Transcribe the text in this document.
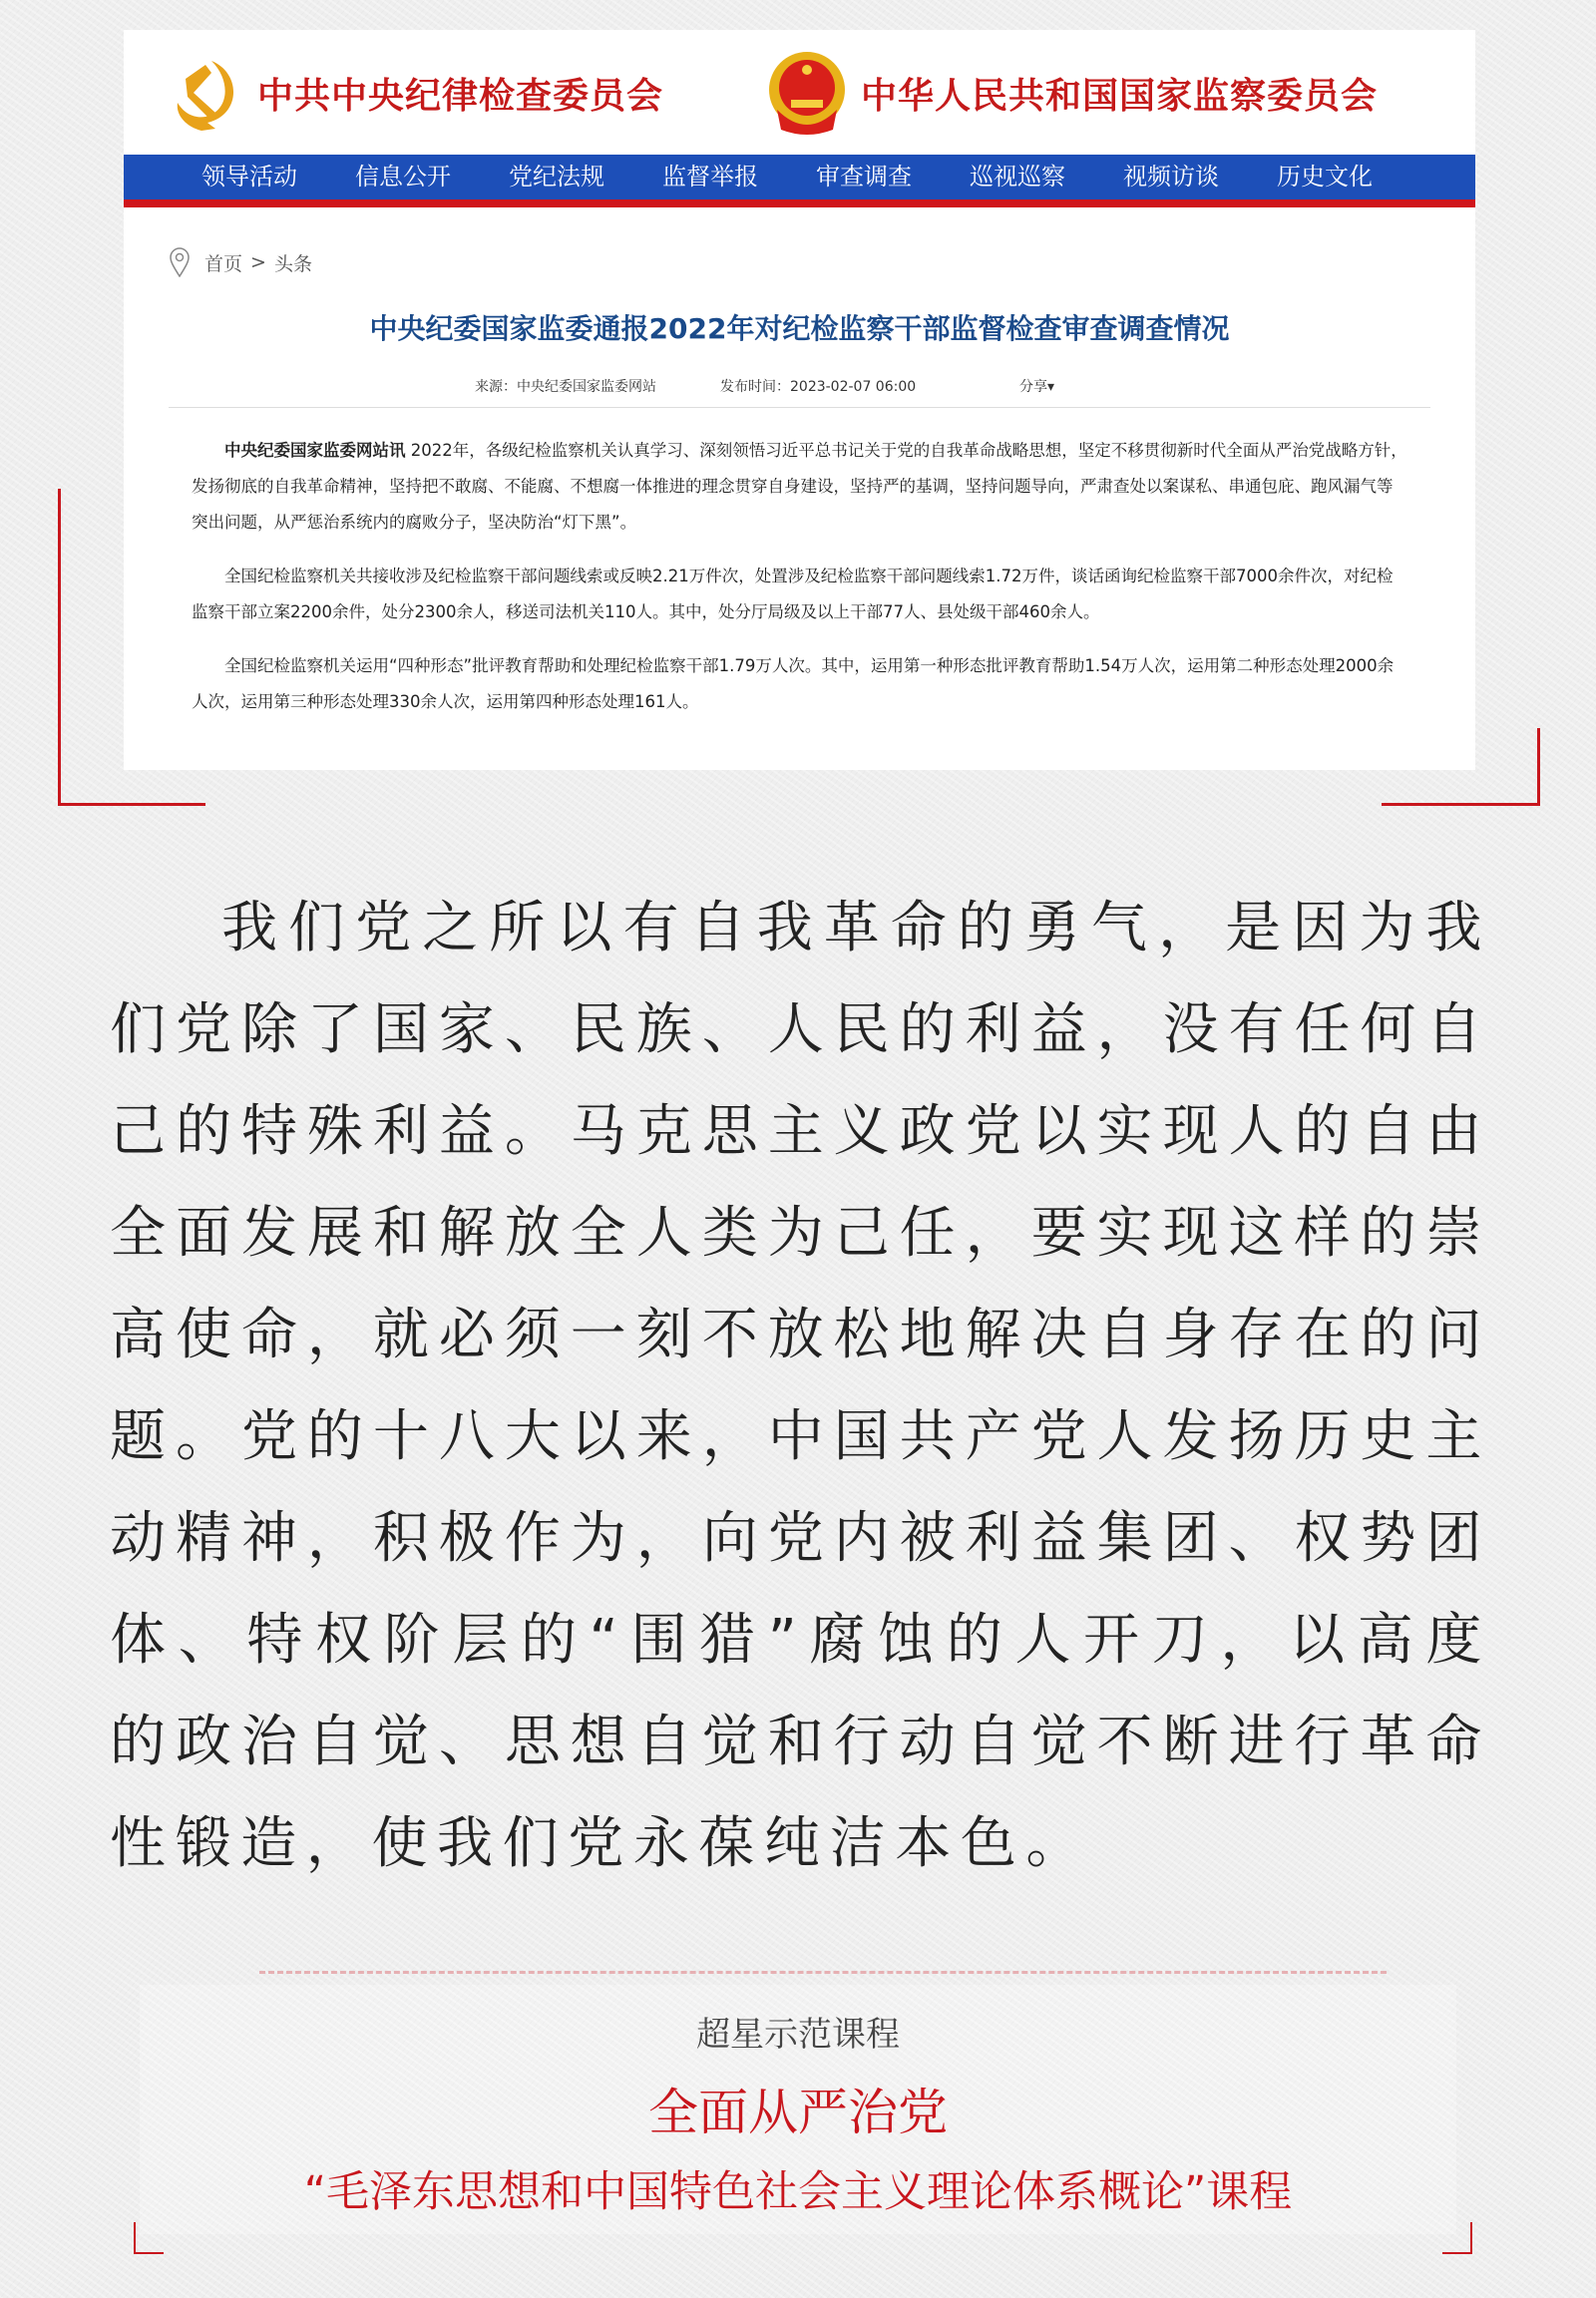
中共中央纪律检查委员会	中华人民共和国国家监察委员会
领导活动	信息公开	党纪法规	监督举报	审查调查	巡视巡察	视频访谈	历史文化
首页 > 头条
中央纪委国家监委通报2022年对纪检监察干部监督检查审查调查情况
来源：中央纪委国家监委网站	发布时间：2023-02-07 06:00	分享▾

中央纪委国家监委网站讯 2022年，各级纪检监察机关认真学习、深刻领悟习近平总书记关于党的自我革命战略思想，坚定不移贯彻新时代全面从严治党战略方针，发扬彻底的自我革命精神，坚持把不敢腐、不能腐、不想腐一体推进的理念贯穿自身建设，坚持严的基调，坚持问题导向，严肃查处以案谋私、串通包庇、跑风漏气等突出问题，从严惩治系统内的腐败分子，坚决防治“灯下黑”。

全国纪检监察机关共接收涉及纪检监察干部问题线索或反映2.21万件次，处置涉及纪检监察干部问题线索1.72万件，谈话函询纪检监察干部7000余件次，对纪检监察干部立案2200余件，处分2300余人，移送司法机关110人。其中，处分厅局级及以上干部77人、县处级干部460余人。

全国纪检监察机关运用“四种形态”批评教育帮助和处理纪检监察干部1.79万人次。其中，运用第一种形态批评教育帮助1.54万人次，运用第二种形态处理2000余人次，运用第三种形态处理330余人次，运用第四种形态处理161人。

我们党之所以有自我革命的勇气，是因为我们党除了国家、民族、人民的利益，没有任何自己的特殊利益。马克思主义政党以实现人的自由全面发展和解放全人类为己任，要实现这样的崇高使命，就必须一刻不放松地解决自身存在的问题。党的十八大以来，中国共产党人发扬历史主动精神，积极作为，向党内被利益集团、权势团体、特权阶层的“围猎”腐蚀的人开刀，以高度的政治自觉、思想自觉和行动自觉不断进行革命性锻造，使我们党永葆纯洁本色。

超星示范课程
全面从严治党
“毛泽东思想和中国特色社会主义理论体系概论”课程
